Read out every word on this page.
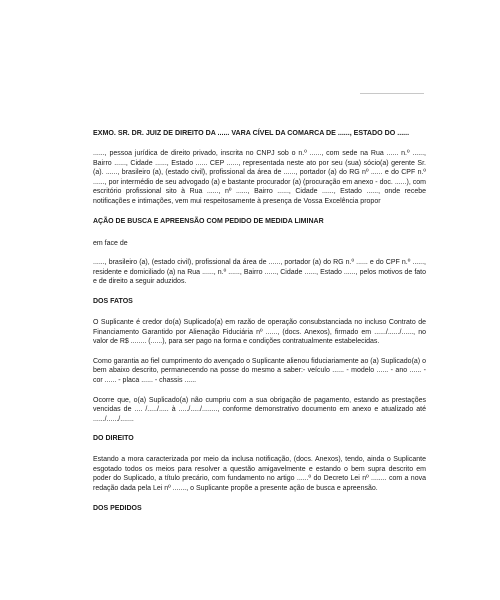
EXMO. SR. DR. JUIZ DE DIREITO DA ...... VARA CÍVEL DA COMARCA DE ......, ESTADO DO ......

......, pessoa jurídica de direito privado, inscrita no CNPJ sob o n.º ......, com sede na Rua ...... n.º ......, Bairro ......, Cidade ......, Estado ...... CEP ......, representada neste ato por seu (sua) sócio(a) gerente Sr. (a). ......, brasileiro (a), (estado civil), profissional da área de ......, portador (a) do RG nº ...... e do CPF n.º ......, por intermédio de seu advogado (a) e bastante procurador (a) (procuração em anexo - doc. ......), com escritório profissional sito à Rua ......, nº ......, Bairro ......, Cidade ......, Estado ......, onde recebe notificações e intimações, vem mui respeitosamente à presença de Vossa Excelência propor

AÇÃO DE BUSCA E APREENSÃO COM PEDIDO DE MEDIDA LIMINAR

em face de

......, brasileiro (a), (estado civil), profissional da área de ......, portador (a) do RG n.º ...... e do CPF n.º ......, residente e domiciliado (a) na Rua ......, n.º ......, Bairro ......, Cidade ......, Estado ......, pelos motivos de fato e de direito a seguir aduzidos.

DOS FATOS

O Suplicante é credor do(a) Suplicado(a) em razão de operação consubstanciada no incluso Contrato de Financiamento Garantido por Alienação Fiduciária nº ......, (docs. Anexos), firmado em ....../....../......, no valor de R$ ........ (......), para ser pago na forma e condições contratualmente estabelecidas.

Como garantia ao fiel cumprimento do avençado o Suplicante alienou fiduciariamente ao (a) Suplicado(a) o bem abaixo descrito, permanecendo na posse do mesmo a saber:- veículo ...... - modelo ...... - ano ...... - cor ...... - placa ...... - chassis ......

Ocorre que, o(a) Suplicado(a) não cumpriu com a sua obrigação de pagamento, estando as prestações vencidas de .... /...../..... à ...../...../........, conforme demonstrativo documento em anexo e atualizado até ....../....../.......

DO DIREITO

Estando a mora caracterizada por meio da inclusa notificação, (docs. Anexos), tendo, ainda o Suplicante esgotado todos os meios para resolver a questão amigavelmente e estando o bem supra descrito em poder do Suplicado, a título precário, com fundamento no artigo ......º do Decreto Lei nº ........ com a nova redação dada pela Lei nº ......., o Suplicante propõe a presente ação de busca e apreensão.

DOS PEDIDOS
